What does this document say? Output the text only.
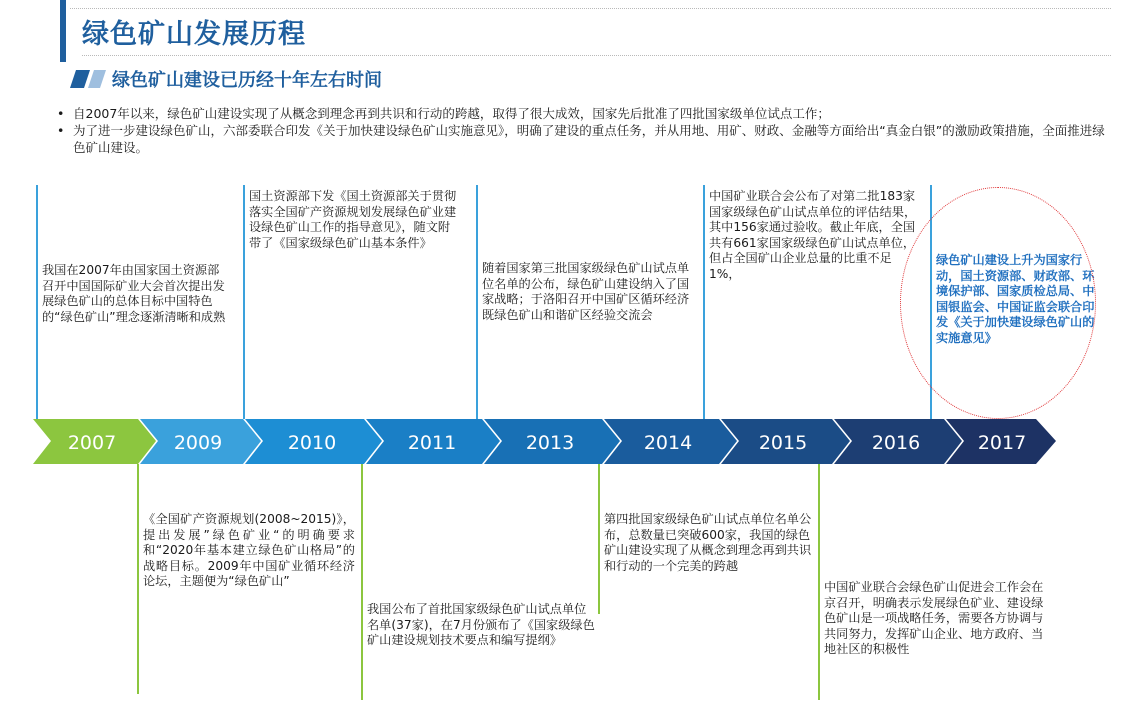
绿色矿山发展历程
绿色矿山建设已历经十年左右时间
• 自2007年以来，绿色矿山建设实现了从概念到理念再到共识和行动的跨越，取得了很大成效，国家先后批准了四批国家级单位试点工作；
• 为了进一步建设绿色矿山，六部委联合印发《关于加快建设绿色矿山实施意见》，明确了建设的重点任务，并从用地、用矿、财政、金融等方面给出“真金白银”的激励政策措施，全面推进绿色矿山建设。
2007	2009	2010	2011	2013	2014	2015	2016	2017
我国在2007年由国家国土资源部召开中国国际矿业大会首次提出发展绿色矿山的总体目标中国特色的“绿色矿山”理念逐渐清晰和成熟
国土资源部下发《国土资源部关于贯彻落实全国矿产资源规划发展绿色矿业建设绿色矿山工作的指导意见》，随文附带了《国家级绿色矿山基本条件》
随着国家第三批国家级绿色矿山试点单位名单的公布，绿色矿山建设纳入了国家战略；于洛阳召开中国矿区循环经济既绿色矿山和谐矿区经验交流会
中国矿业联合会公布了对第二批183家国家级绿色矿山试点单位的评估结果，其中156家通过验收。截止年底，全国共有661家国家级绿色矿山试点单位，但占全国矿山企业总量的比重不足1%，
绿色矿山建设上升为国家行动，国土资源部、财政部、环境保护部、国家质检总局、中国银监会、中国证监会联合印发《关于加快建设绿色矿山的实施意见》
《全国矿产资源规划(2008~2015)》，提出发展”绿色矿业“的明确要求和“2020年基本建立绿色矿山格局”的战略目标。2009年中国矿业循环经济论坛，主题便为“绿色矿山”
我国公布了首批国家级绿色矿山试点单位名单(37家)，在7月份颁布了《国家级绿色矿山建设规划技术要点和编写提纲》
第四批国家级绿色矿山试点单位名单公布，总数量已突破600家，我国的绿色矿山建设实现了从概念到理念再到共识和行动的一个完美的跨越
中国矿业联合会绿色矿山促进会工作会在京召开，明确表示发展绿色矿业、建设绿色矿山是一项战略任务，需要各方协调与共同努力，发挥矿山企业、地方政府、当地社区的积极性
